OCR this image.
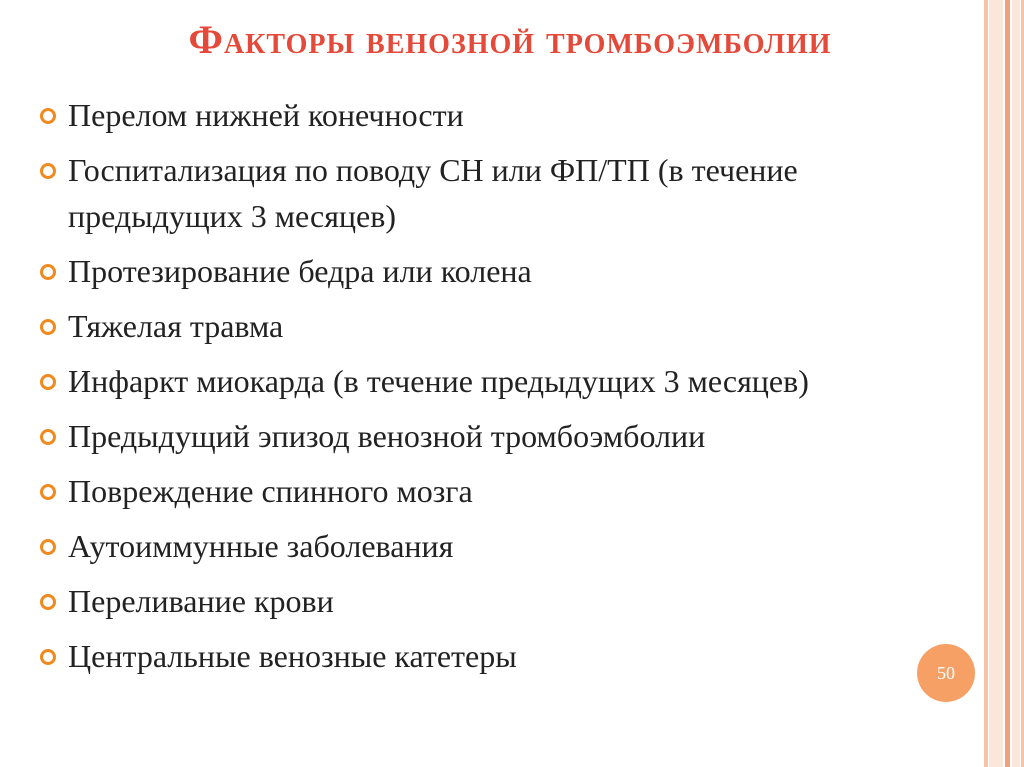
Факторы венозной тромбоэмболии
Перелом нижней конечности
Госпитализация по поводу СН или ФП/ТП (в течение предыдущих 3 месяцев)
Протезирование бедра или колена
Тяжелая травма
Инфаркт миокарда (в течение предыдущих 3 месяцев)
Предыдущий эпизод венозной тромбоэмболии
Повреждение спинного мозга
Аутоиммунные заболевания
Переливание крови
Центральные венозные катетеры	50
